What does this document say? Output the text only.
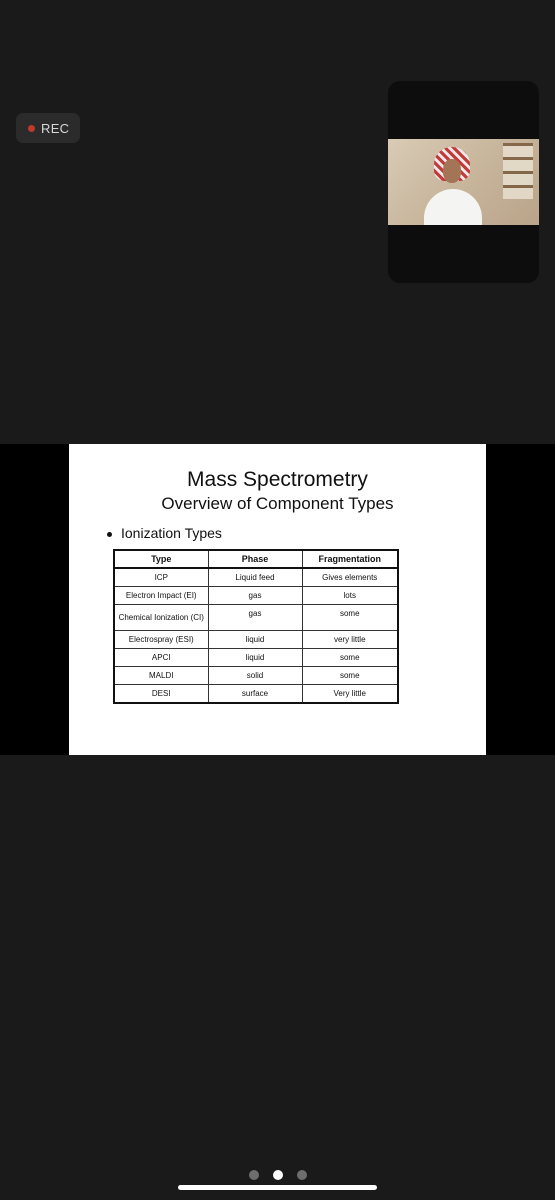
REC
Mass Spectrometry
Overview of Component Types
Ionization Types
Type	Phase	Fragmentation
ICP	Liquid feed	Gives elements
Electron Impact (EI)	gas	lots
Chemical Ionization (CI)	gas	some
Electrospray (ESI)	liquid	very little
APCI	liquid	some
MALDI	solid	some
DESI	surface	Very little
